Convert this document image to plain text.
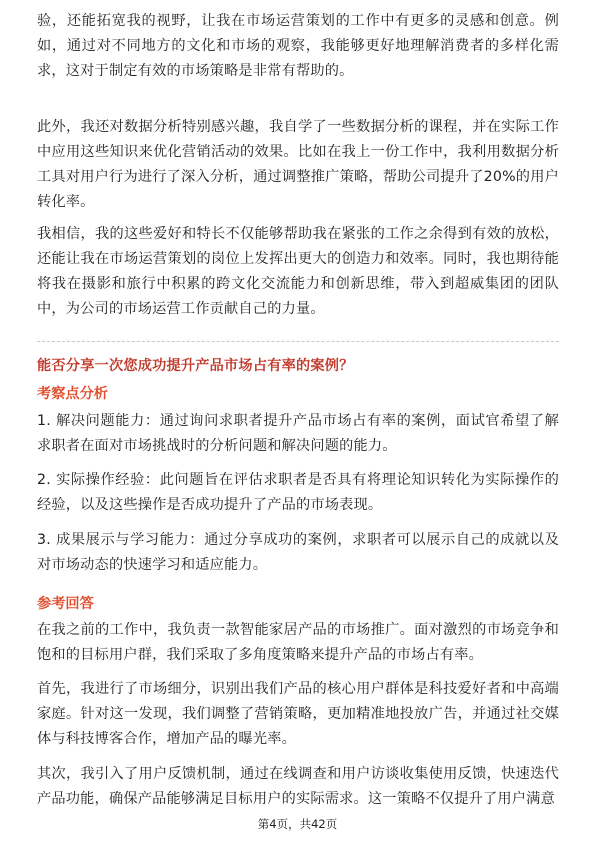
验，还能拓宽我的视野，让我在市场运营策划的工作中有更多的灵感和创意。例如，通过对不同地方的文化和市场的观察，我能够更好地理解消费者的多样化需求，这对于制定有效的市场策略是非常有帮助的。

此外，我还对数据分析特别感兴趣，我自学了一些数据分析的课程，并在实际工作中应用这些知识来优化营销活动的效果。比如在我上一份工作中，我利用数据分析工具对用户行为进行了深入分析，通过调整推广策略，帮助公司提升了20%的用户转化率。

我相信，我的这些爱好和特长不仅能够帮助我在紧张的工作之余得到有效的放松，还能让我在市场运营策划的岗位上发挥出更大的创造力和效率。同时，我也期待能将我在摄影和旅行中积累的跨文化交流能力和创新思维，带入到超威集团的团队中，为公司的市场运营工作贡献自己的力量。

能否分享一次您成功提升产品市场占有率的案例？
考察点分析

1. 解决问题能力：通过询问求职者提升产品市场占有率的案例，面试官希望了解求职者在面对市场挑战时的分析问题和解决问题的能力。

2. 实际操作经验：此问题旨在评估求职者是否具有将理论知识转化为实际操作的经验，以及这些操作是否成功提升了产品的市场表现。

3. 成果展示与学习能力：通过分享成功的案例，求职者可以展示自己的成就以及对市场动态的快速学习和适应能力。

参考回答

在我之前的工作中，我负责一款智能家居产品的市场推广。面对激烈的市场竞争和饱和的目标用户群，我们采取了多角度策略来提升产品的市场占有率。

首先，我进行了市场细分，识别出我们产品的核心用户群体是科技爱好者和中高端家庭。针对这一发现，我们调整了营销策略，更加精准地投放广告，并通过社交媒体与科技博客合作，增加产品的曝光率。

其次，我引入了用户反馈机制，通过在线调查和用户访谈收集使用反馈，快速迭代产品功能，确保产品能够满足目标用户的实际需求。这一策略不仅提升了用户满意

第4页，共42页
